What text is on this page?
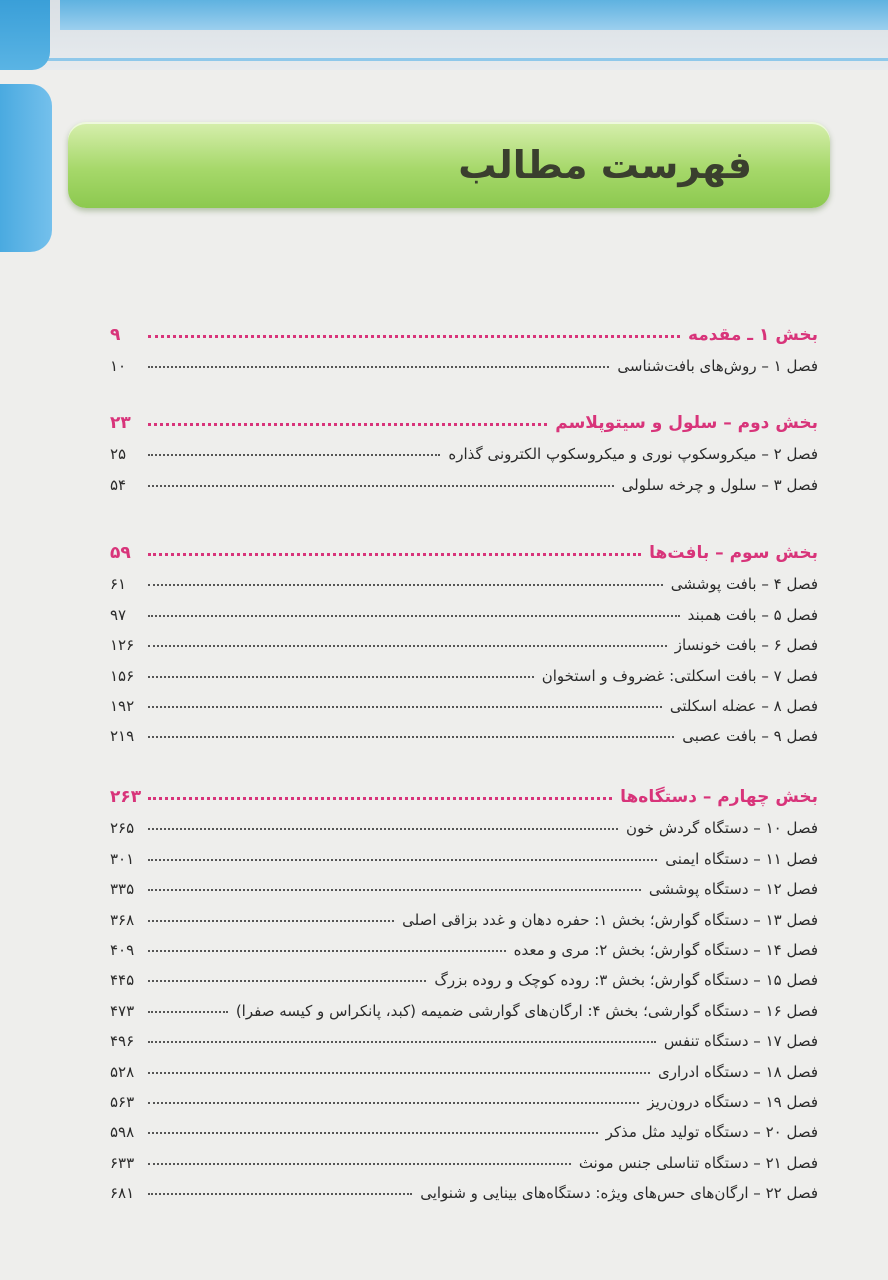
فهرست مطالب
بخش ۱ ـ مقدمه
۹
فصل ۱ – روش‌های بافت‌شناسی
۱۰
بخش دوم – سلول و سیتوپلاسم
۲۳
فصل ۲ – میکروسکوپ نوری و میکروسکوپ الکترونی گذاره
۲۵
فصل ۳ – سلول و چرخه سلولی
۵۴
بخش سوم – بافت‌ها
۵۹
فصل ۴ – بافت پوششی
۶۱
فصل ۵ – بافت همبند
۹۷
فصل ۶ – بافت خونساز
۱۲۶
فصل ۷ – بافت اسکلتی: غضروف و استخوان
۱۵۶
فصل ۸ – عضله اسکلتی
۱۹۲
فصل ۹ – بافت عصبی
۲۱۹
بخش چهارم – دستگاه‌ها
۲۶۳
فصل ۱۰ – دستگاه گردش خون
۲۶۵
فصل ۱۱ – دستگاه ایمنی
۳۰۱
فصل ۱۲ – دستگاه پوششی
۳۳۵
فصل ۱۳ – دستگاه گوارش؛ بخش ۱: حفره دهان و غدد بزاقی اصلی
۳۶۸
فصل ۱۴ – دستگاه گوارش؛ بخش ۲: مری و معده
۴۰۹
فصل ۱۵ – دستگاه گوارش؛ بخش ۳: روده کوچک و روده بزرگ
۴۴۵
فصل ۱۶ – دستگاه گوارشی؛ بخش ۴: ارگان‌های گوارشی ضمیمه (کبد، پانکراس و کیسه صفرا)
۴۷۳
فصل ۱۷ – دستگاه تنفس
۴۹۶
فصل ۱۸ – دستگاه ادراری
۵۲۸
فصل ۱۹ – دستگاه درون‌ریز
۵۶۳
فصل ۲۰ – دستگاه تولید مثل مذکر
۵۹۸
فصل ۲۱ – دستگاه تناسلی جنس مونث
۶۳۳
فصل ۲۲ – ارگان‌های حس‌های ویژه: دستگاه‌های بینایی و شنوایی
۶۸۱
